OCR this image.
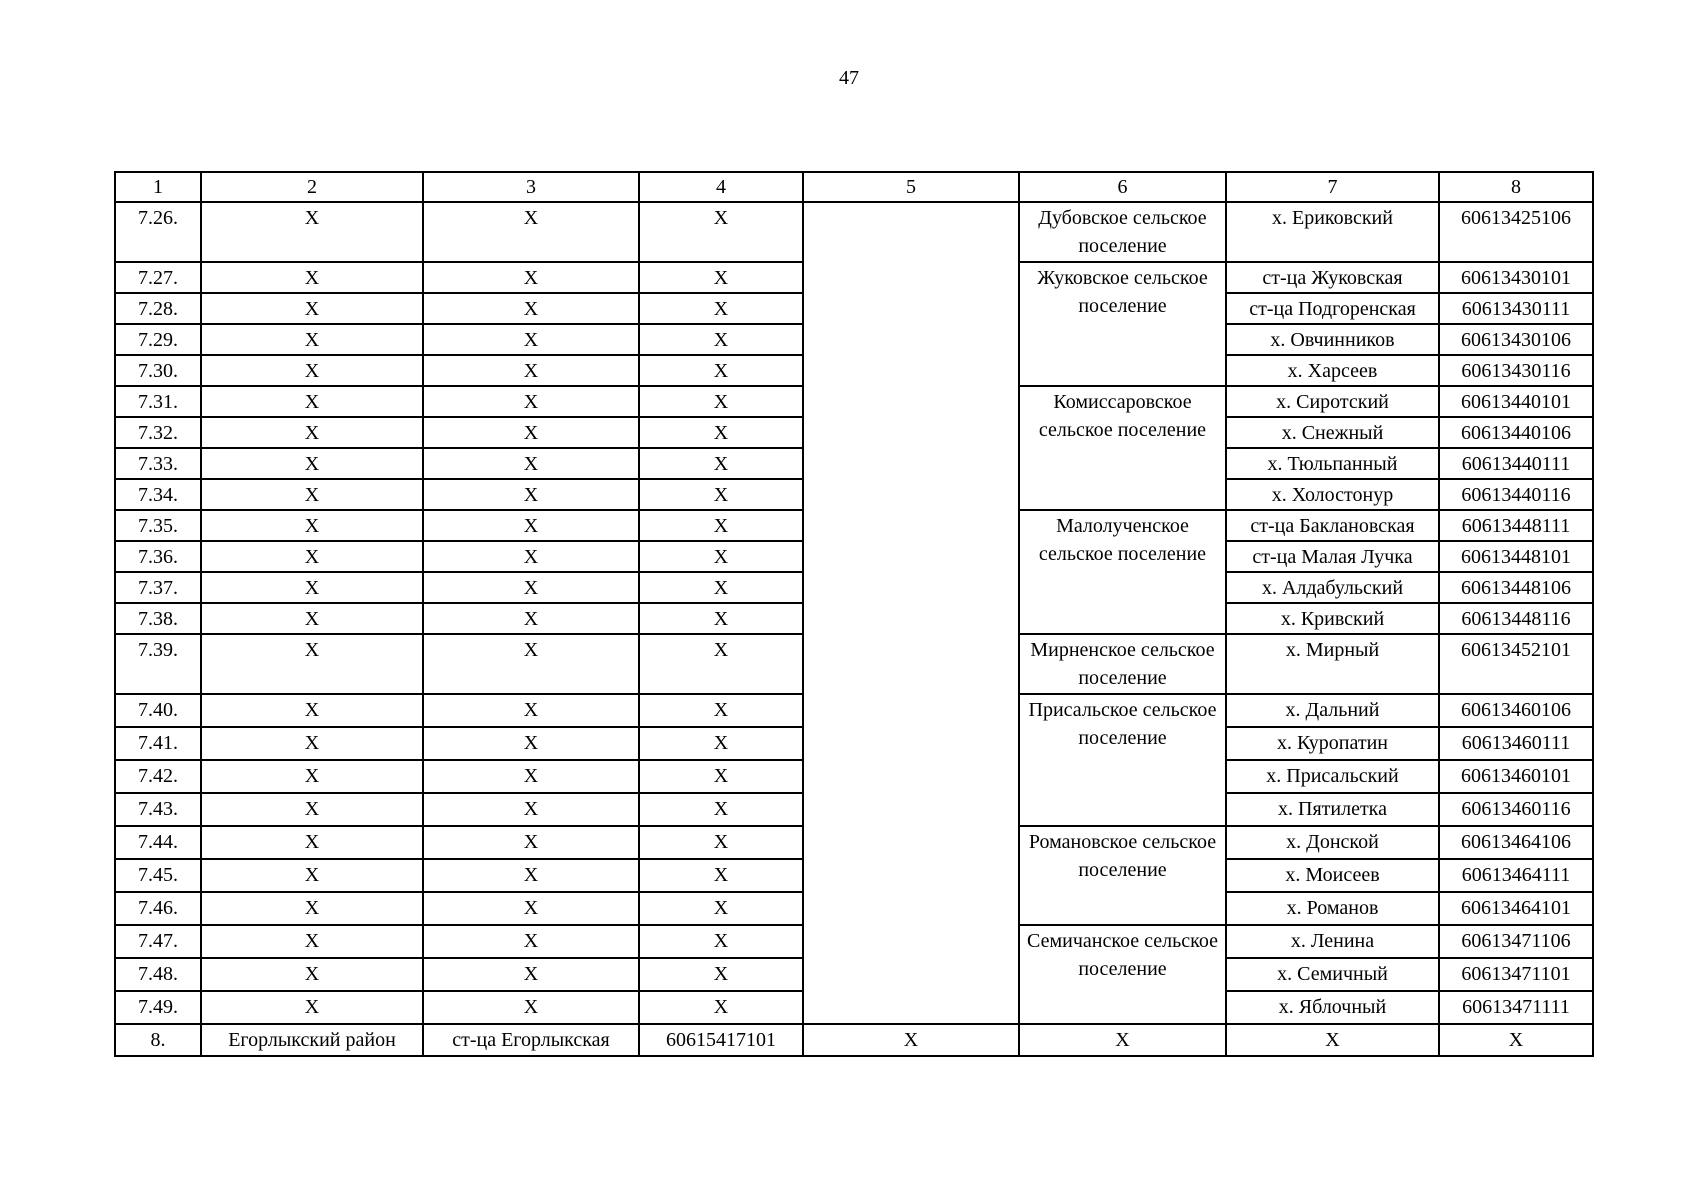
47
1	2	3	4	5	6	7	8
7.26.	Х	Х	Х		Дубовское сельское поселение	х. Ериковский	60613425106
7.27.	Х	Х	Х		Жуковское сельское поселение	ст-ца Жуковская	60613430101
7.28.	Х	Х	Х			ст-ца Подгоренская	60613430111
7.29.	Х	Х	Х			х. Овчинников	60613430106
7.30.	Х	Х	Х			х. Харсеев	60613430116
7.31.	Х	Х	Х		Комиссаровское сельское поселение	х. Сиротский	60613440101
7.32.	Х	Х	Х			х. Снежный	60613440106
7.33.	Х	Х	Х			х. Тюльпанный	60613440111
7.34.	Х	Х	Х			х. Холостонур	60613440116
7.35.	Х	Х	Х		Малолученское сельское поселение	ст-ца Баклановская	60613448111
7.36.	Х	Х	Х			ст-ца Малая Лучка	60613448101
7.37.	Х	Х	Х			х. Алдабульский	60613448106
7.38.	Х	Х	Х			х. Кривский	60613448116
7.39.	Х	Х	Х		Мирненское сельское поселение	х. Мирный	60613452101
7.40.	Х	Х	Х		Присальское сельское поселение	х. Дальний	60613460106
7.41.	Х	Х	Х			х. Куропатин	60613460111
7.42.	Х	Х	Х			х. Присальский	60613460101
7.43.	Х	Х	Х			х. Пятилетка	60613460116
7.44.	Х	Х	Х		Романовское сельское поселение	х. Донской	60613464106
7.45.	Х	Х	Х			х. Моисеев	60613464111
7.46.	Х	Х	Х			х. Романов	60613464101
7.47.	Х	Х	Х		Семичанское сельское поселение	х. Ленина	60613471106
7.48.	Х	Х	Х			х. Семичный	60613471101
7.49.	Х	Х	Х			х. Яблочный	60613471111
8.	Егорлыкский район	ст-ца Егорлыкская	60615417101	Х	Х	Х	Х
